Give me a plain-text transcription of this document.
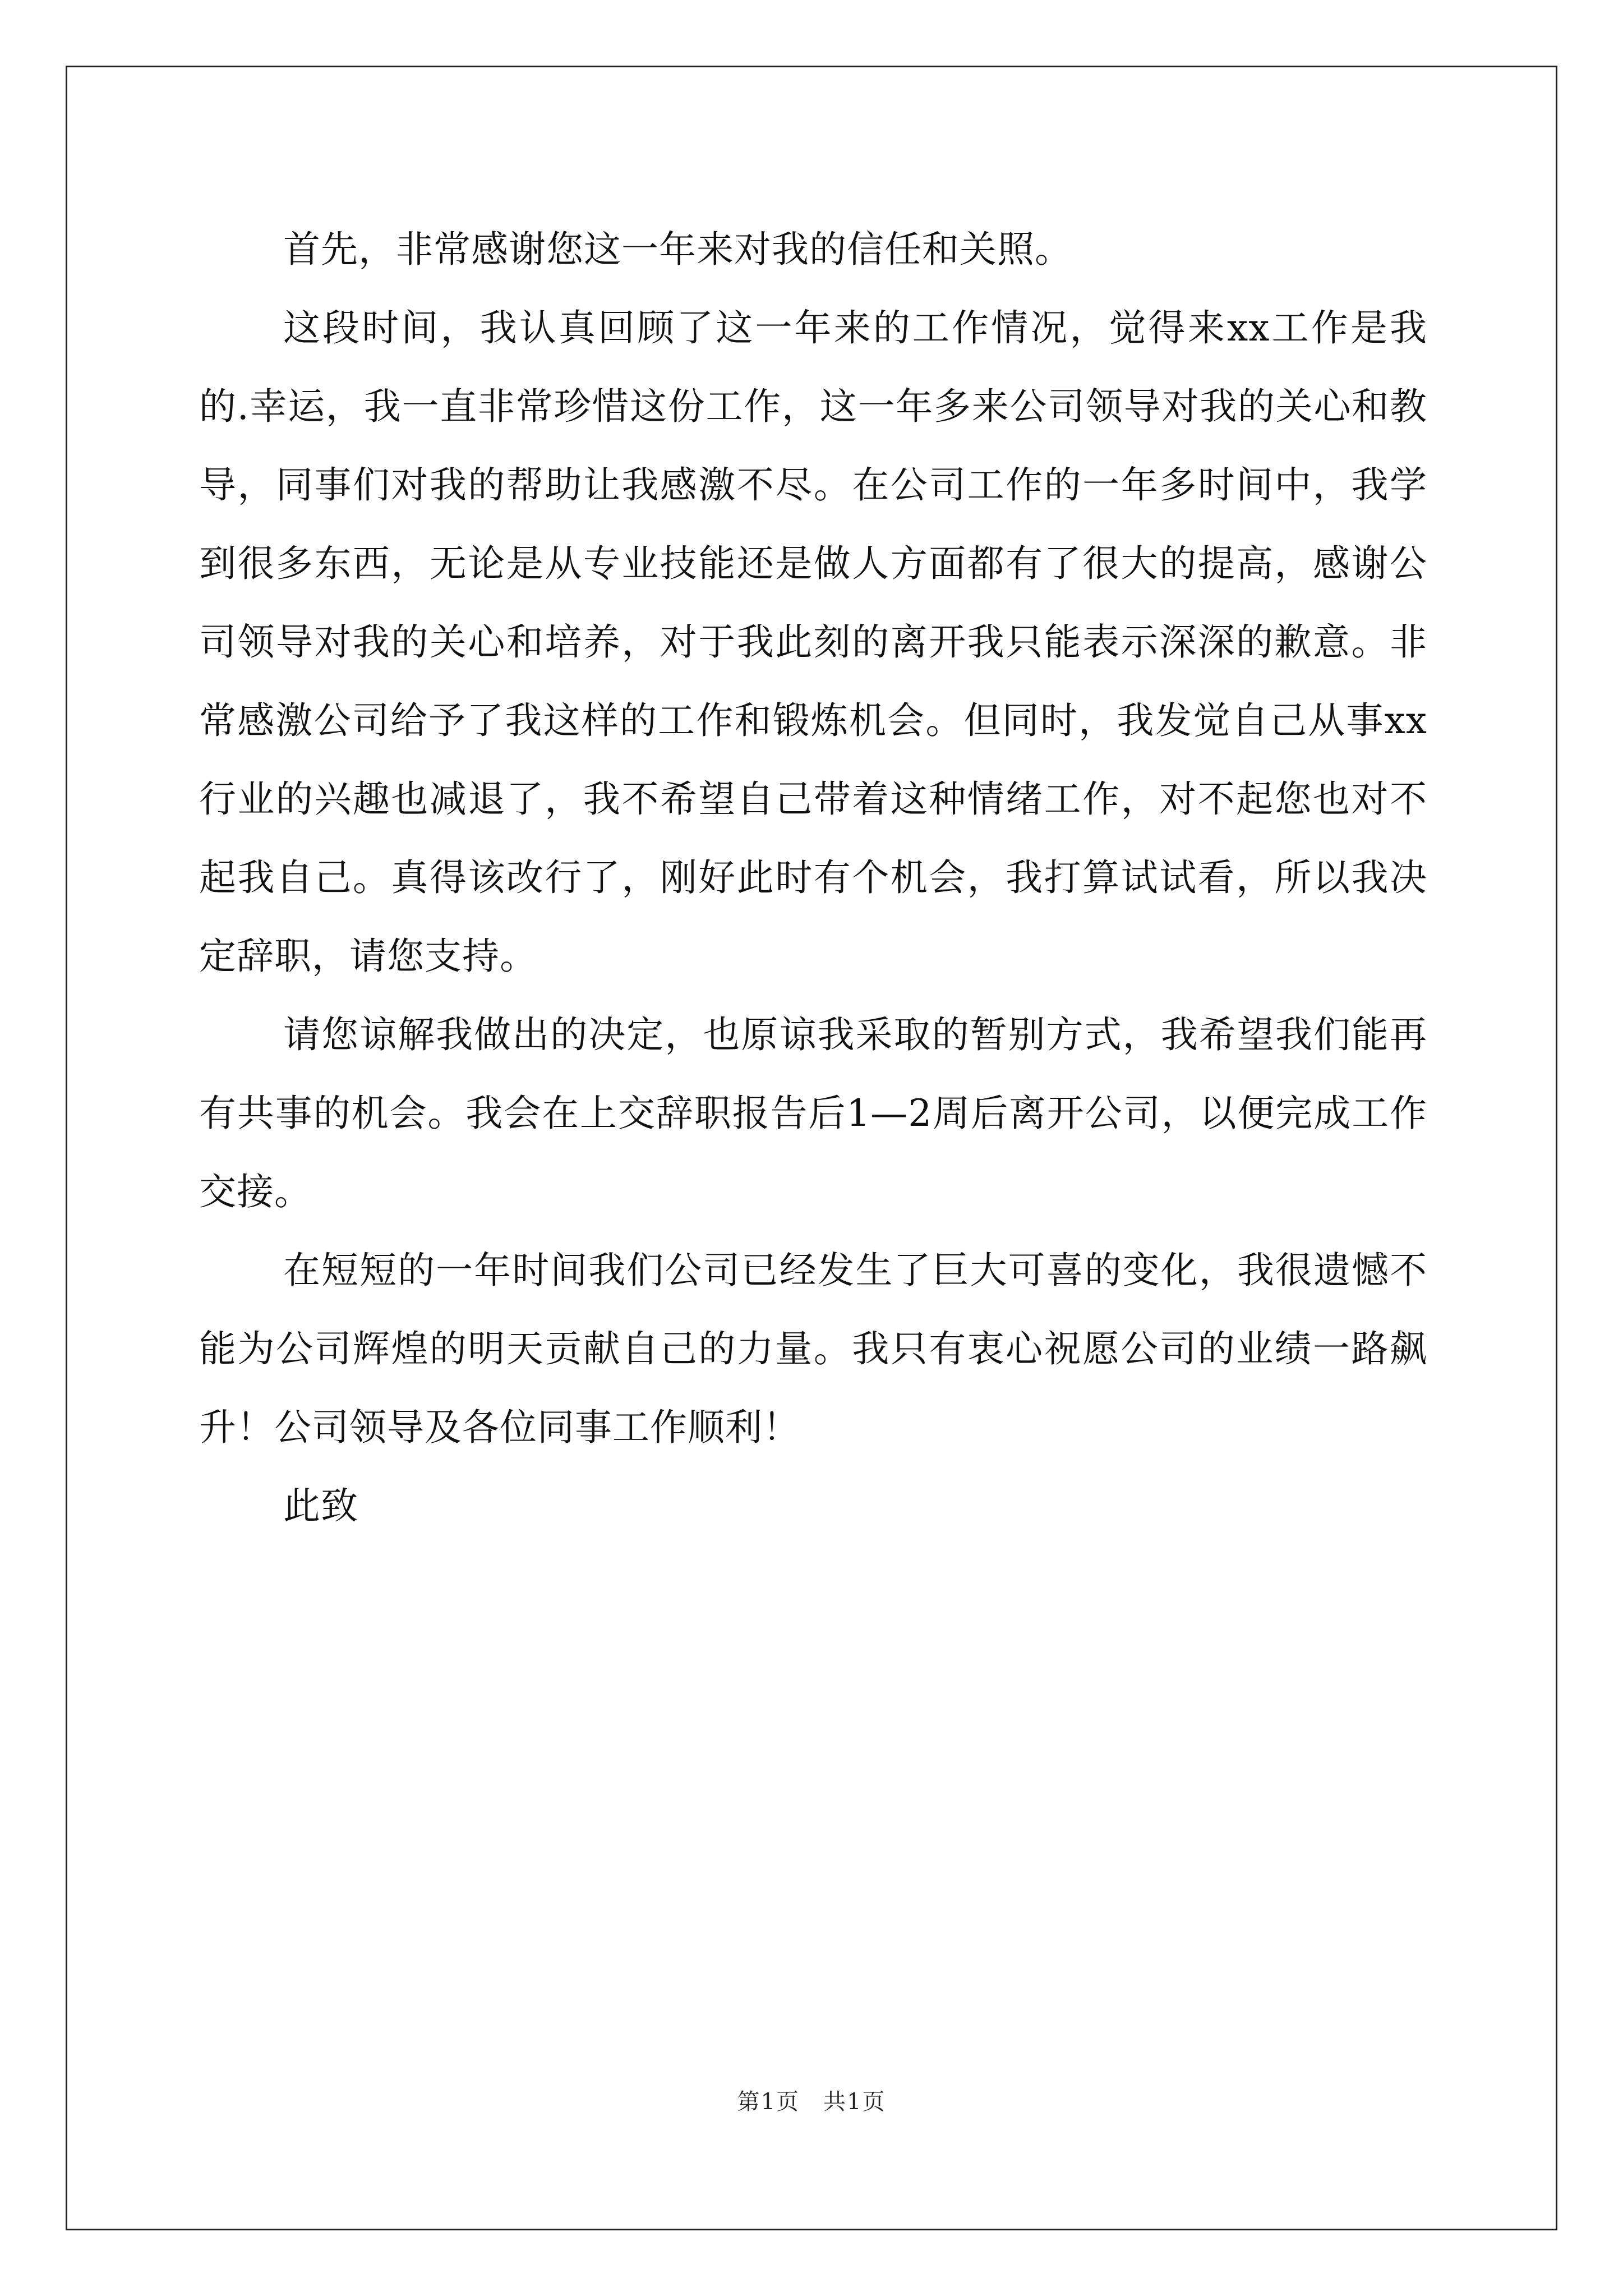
首先，非常感谢您这一年来对我的信任和关照。

这段时间，我认真回顾了这一年来的工作情况，觉得来xx工作是我的.幸运，我一直非常珍惜这份工作，这一年多来公司领导对我的关心和教导，同事们对我的帮助让我感激不尽。在公司工作的一年多时间中，我学到很多东西，无论是从专业技能还是做人方面都有了很大的提高，感谢公司领导对我的关心和培养，对于我此刻的离开我只能表示深深的歉意。非常感激公司给予了我这样的工作和锻炼机会。但同时，我发觉自己从事xx行业的兴趣也减退了，我不希望自己带着这种情绪工作，对不起您也对不起我自己。真得该改行了，刚好此时有个机会，我打算试试看，所以我决定辞职，请您支持。

请您谅解我做出的决定，也原谅我采取的暂别方式，我希望我们能再有共事的机会。我会在上交辞职报告后1—2周后离开公司，以便完成工作交接。

在短短的一年时间我们公司已经发生了巨大可喜的变化，我很遗憾不能为公司辉煌的明天贡献自己的力量。我只有衷心祝愿公司的业绩一路飙升！公司领导及各位同事工作顺利！

此致

第1页　共1页
